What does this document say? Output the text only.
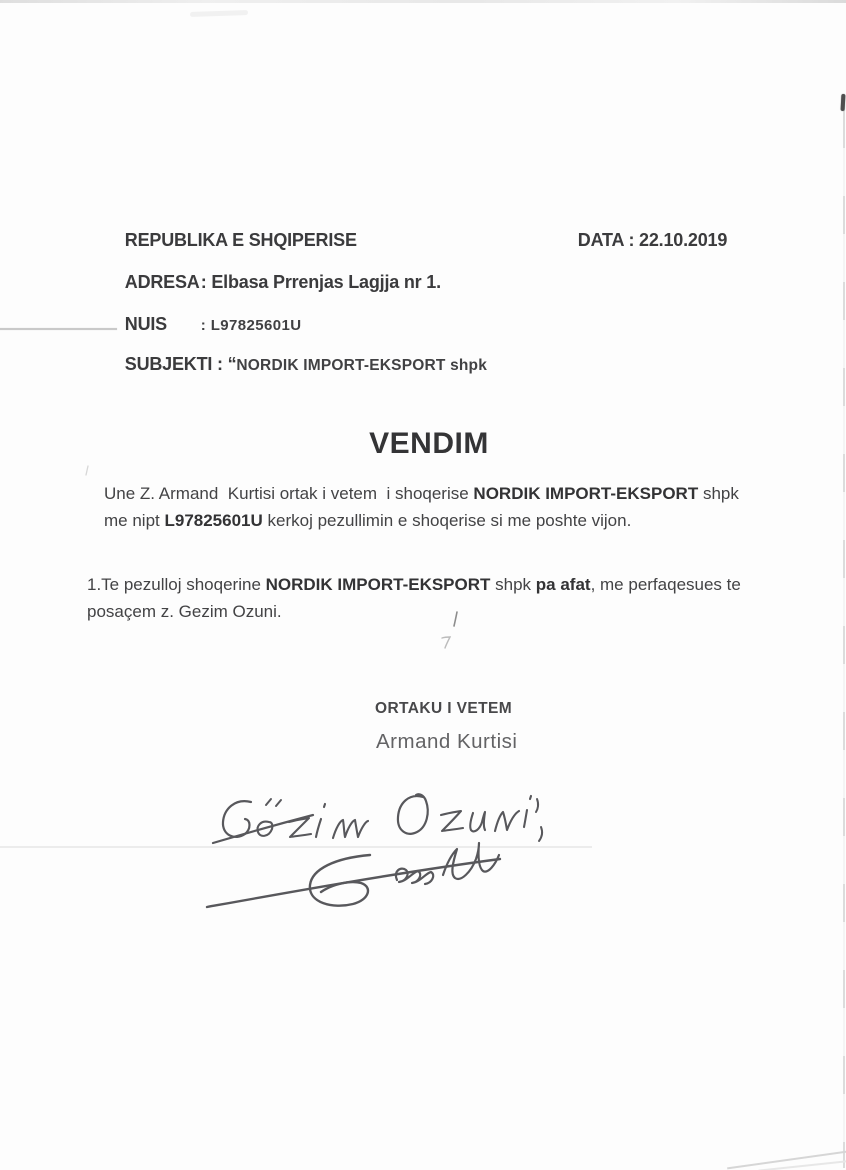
REPUBLIKA E SHQIPERISE
	DATA : 22.10.2019

ADRESA: Elbasa Prrenjas Lagjja nr 1.

NUIS : L97825601U

SUBJEKTI : “NORDIK IMPORT-EKSPORT shpk

VENDIM
Une Z. Armand  Kurtisi ortak i vetem  i shoqerise NORDIK IMPORT-EKSPORT shpk me nipt L97825601U kerkoj pezullimin e shoqerise si me poshte vijon.
1.Te pezulloj shoqerine NORDIK IMPORT-EKSPORT shpk pa afat, me perfaqesues te posaçem z. Gezim Ozuni.
ORTAKU I VETEM
Armand Kurtisi
